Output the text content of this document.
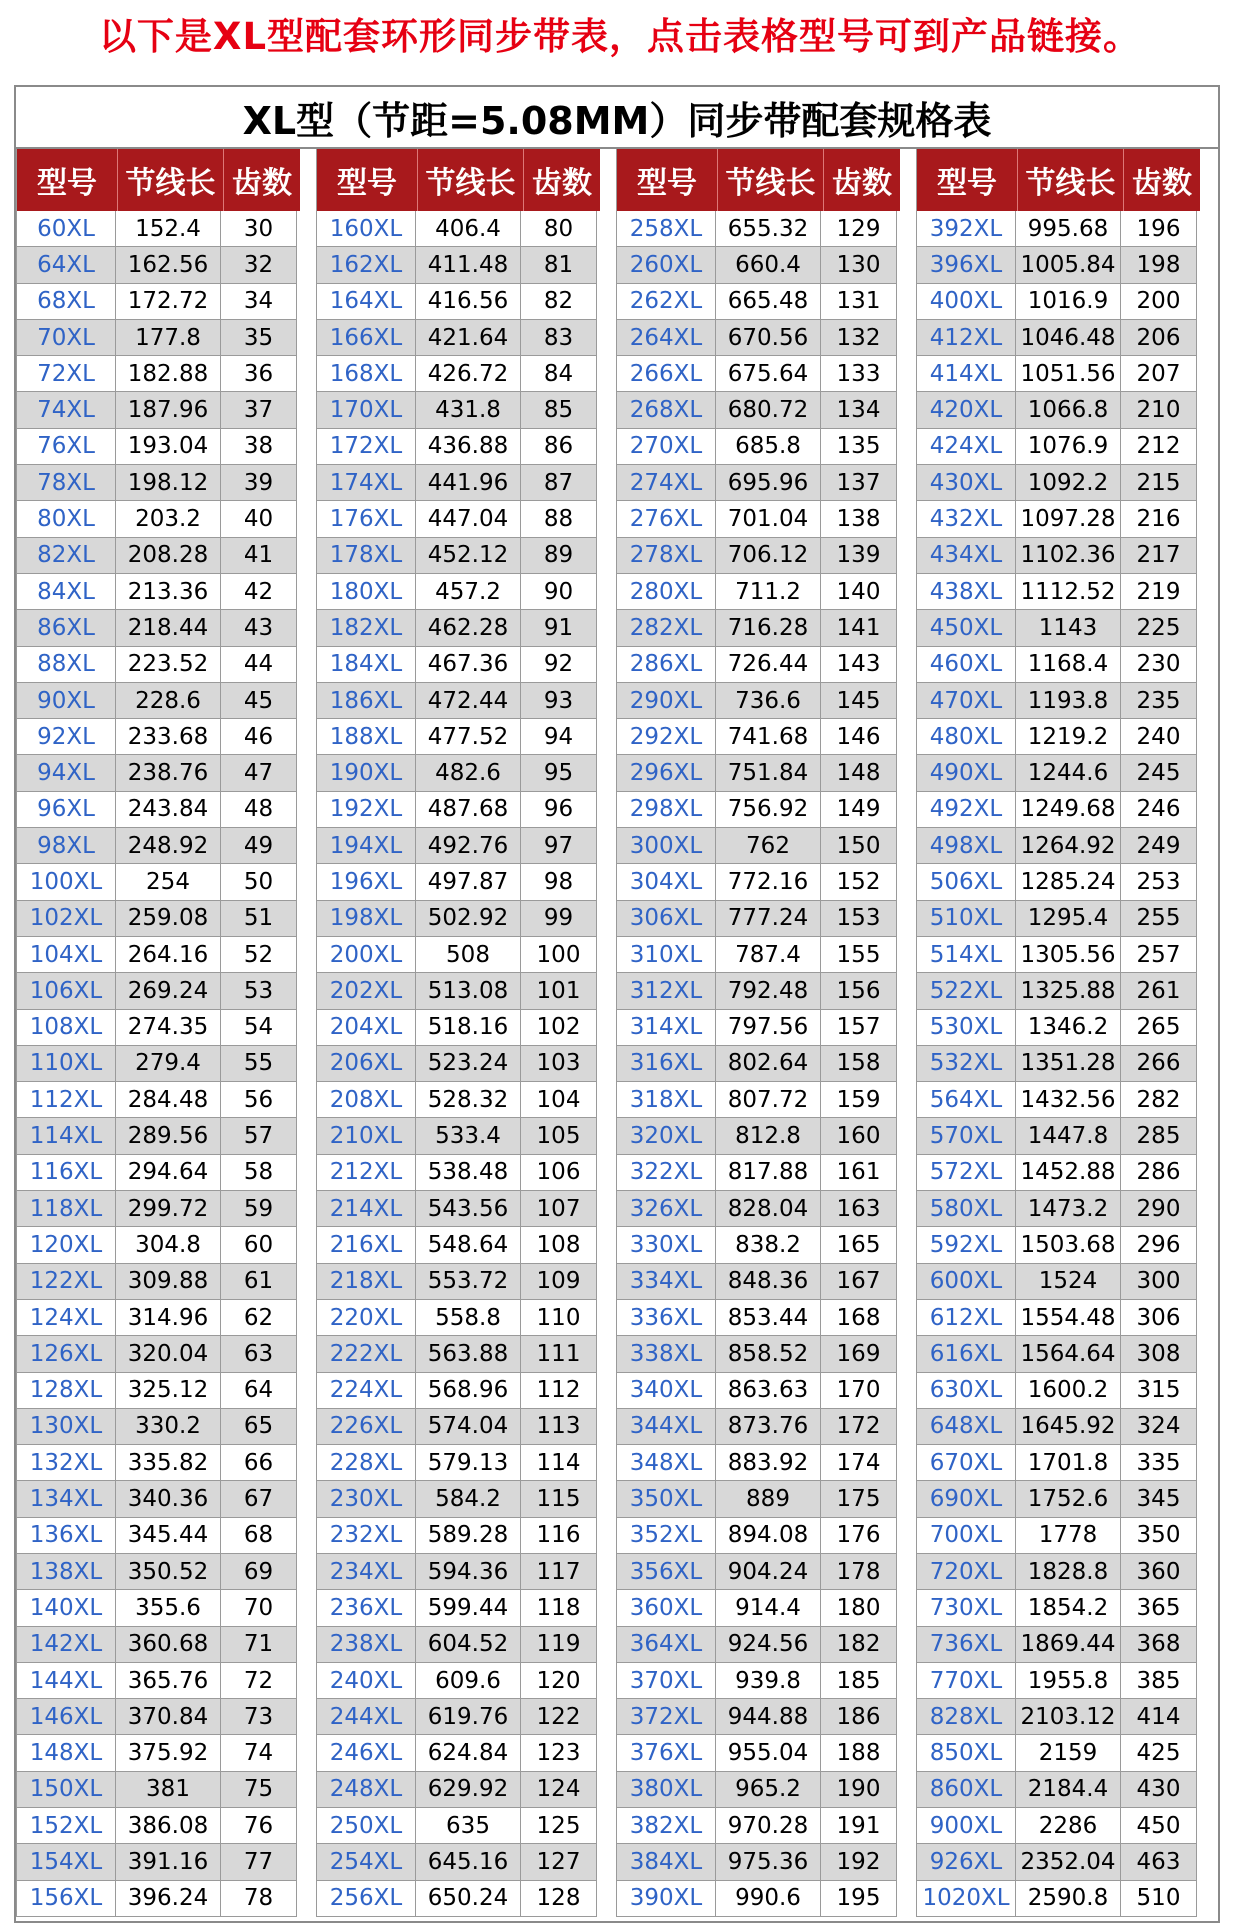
以下是XL型配套环形同步带表，点击表格型号可到产品链接。
XL型（节距=5.08MM）同步带配套规格表
型号 节线长 齿数
60XL	152.4	30
64XL	162.56	32
68XL	172.72	34
70XL	177.8	35
72XL	182.88	36
74XL	187.96	37
76XL	193.04	38
78XL	198.12	39
80XL	203.2	40
82XL	208.28	41
84XL	213.36	42
86XL	218.44	43
88XL	223.52	44
90XL	228.6	45
92XL	233.68	46
94XL	238.76	47
96XL	243.84	48
98XL	248.92	49
100XL	254	50
102XL	259.08	51
104XL	264.16	52
106XL	269.24	53
108XL	274.35	54
110XL	279.4	55
112XL	284.48	56
114XL	289.56	57
116XL	294.64	58
118XL	299.72	59
120XL	304.8	60
122XL	309.88	61
124XL	314.96	62
126XL	320.04	63
128XL	325.12	64
130XL	330.2	65
132XL	335.82	66
134XL	340.36	67
136XL	345.44	68
138XL	350.52	69
140XL	355.6	70
142XL	360.68	71
144XL	365.76	72
146XL	370.84	73
148XL	375.92	74
150XL	381	75
152XL	386.08	76
154XL	391.16	77
156XL	396.24	78
型号 节线长 齿数
160XL	406.4	80
162XL	411.48	81
164XL	416.56	82
166XL	421.64	83
168XL	426.72	84
170XL	431.8	85
172XL	436.88	86
174XL	441.96	87
176XL	447.04	88
178XL	452.12	89
180XL	457.2	90
182XL	462.28	91
184XL	467.36	92
186XL	472.44	93
188XL	477.52	94
190XL	482.6	95
192XL	487.68	96
194XL	492.76	97
196XL	497.87	98
198XL	502.92	99
200XL	508	100
202XL	513.08	101
204XL	518.16	102
206XL	523.24	103
208XL	528.32	104
210XL	533.4	105
212XL	538.48	106
214XL	543.56	107
216XL	548.64	108
218XL	553.72	109
220XL	558.8	110
222XL	563.88	111
224XL	568.96	112
226XL	574.04	113
228XL	579.13	114
230XL	584.2	115
232XL	589.28	116
234XL	594.36	117
236XL	599.44	118
238XL	604.52	119
240XL	609.6	120
244XL	619.76	122
246XL	624.84	123
248XL	629.92	124
250XL	635	125
254XL	645.16	127
256XL	650.24	128
型号 节线长 齿数
258XL	655.32	129
260XL	660.4	130
262XL	665.48	131
264XL	670.56	132
266XL	675.64	133
268XL	680.72	134
270XL	685.8	135
274XL	695.96	137
276XL	701.04	138
278XL	706.12	139
280XL	711.2	140
282XL	716.28	141
286XL	726.44	143
290XL	736.6	145
292XL	741.68	146
296XL	751.84	148
298XL	756.92	149
300XL	762	150
304XL	772.16	152
306XL	777.24	153
310XL	787.4	155
312XL	792.48	156
314XL	797.56	157
316XL	802.64	158
318XL	807.72	159
320XL	812.8	160
322XL	817.88	161
326XL	828.04	163
330XL	838.2	165
334XL	848.36	167
336XL	853.44	168
338XL	858.52	169
340XL	863.63	170
344XL	873.76	172
348XL	883.92	174
350XL	889	175
352XL	894.08	176
356XL	904.24	178
360XL	914.4	180
364XL	924.56	182
370XL	939.8	185
372XL	944.88	186
376XL	955.04	188
380XL	965.2	190
382XL	970.28	191
384XL	975.36	192
390XL	990.6	195
型号 节线长 齿数
392XL	995.68	196
396XL 1005.84 198
400XL	1016.9	200
412XL 1046.48 206
414XL 1051.56 207
420XL	1066.8	210
424XL	1076.9	212
430XL	1092.2	215
432XL 1097.28 216
434XL 1102.36 217
438XL 1112.52 219
450XL	1143	225
460XL	1168.4	230
470XL	1193.8	235
480XL	1219.2	240
490XL	1244.6	245
492XL 1249.68 246
498XL 1264.92 249
506XL 1285.24 253
510XL	1295.4	255
514XL 1305.56 257
522XL 1325.88 261
530XL	1346.2	265
532XL 1351.28 266
564XL 1432.56 282
570XL	1447.8	285
572XL 1452.88 286
580XL	1473.2	290
592XL 1503.68 296
600XL	1524	300
612XL 1554.48 306
616XL 1564.64 308
630XL	1600.2	315
648XL 1645.92 324
670XL	1701.8	335
690XL	1752.6	345
700XL	1778	350
720XL	1828.8	360
730XL	1854.2	365
736XL 1869.44 368
770XL	1955.8	385
828XL 2103.12 414
850XL	2159	425
860XL	2184.4	430
900XL	2286	450
926XL 2352.04 463
1020XL 2590.8	510
